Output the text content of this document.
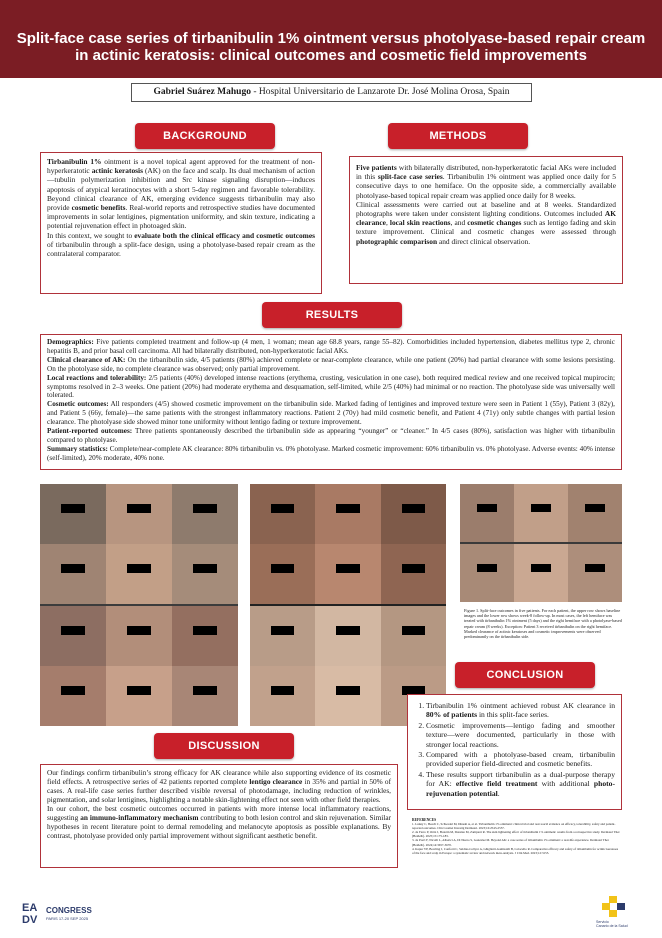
Split-face case series of tirbanibulin 1% ointment versus photolyase-based repair cream in actinic keratosis: clinical outcomes and cosmetic field improvements
Gabriel Suárez Mahugo - Hospital Universitario de Lanzarote Dr. José Molina Orosa, Spain
BACKGROUND

Tirbanibulin 1% ointment is a novel topical agent approved for the treatment of non-hyperkeratotic actinic keratosis (AK) on the face and scalp. Its dual mechanism of action—tubulin polymerization inhibition and Src kinase signaling disruption—induces apoptosis of atypical keratinocytes with a short 5-day regimen and favorable tolerability. Beyond clinical clearance of AK, emerging evidence suggests tirbanibulin may also provide cosmetic benefits. Real-world reports and retrospective studies have documented improvements in solar lentigines, pigmentation uniformity, and skin texture, indicating a potential rejuvenation effect in photoaged skin.

In this context, we sought to evaluate both the clinical efficacy and cosmetic outcomes of tirbanibulin through a split-face design, using a photolyase-based repair cream as the contralateral comparator.

METHODS

Five patients with bilaterally distributed, non-hyperkeratotic facial AKs were included in this split-face case series. Tirbanibulin 1% ointment was applied once daily for 5 consecutive days to one hemiface. On the opposite side, a commercially available photolyase-based topical repair cream was applied once daily for 8 weeks.

Clinical assessments were carried out at baseline and at 8 weeks. Standardized photographs were taken under consistent lighting conditions. Outcomes included AK clearance, local skin reactions, and cosmetic changes such as lentigo fading and skin texture improvement. Clinical and cosmetic changes were assessed through photographic comparison and direct clinical observation.

RESULTS

Demographics: Five patients completed treatment and follow-up (4 men, 1 woman; mean age 68.8 years, range 55–82). Comorbidities included hypertension, diabetes mellitus type 2, chronic hepatitis B, and prior basal cell carcinoma. All had bilaterally distributed, non-hyperkeratotic facial AKs.

Clinical clearance of AK: On the tirbanibulin side, 4/5 patients (80%) achieved complete or near-complete clearance, while one patient (20%) had partial clearance with some lesions persisting. On the photolyase side, no complete clearance was observed; only partial improvement.

Local reactions and tolerability: 2/5 patients (40%) developed intense reactions (erythema, crusting, vesiculation in one case), both required medical review and one received topical mupirocin; symptoms resolved in 2–3 weeks. One patient (20%) had moderate erythema and desquamation, self-limited, while 2/5 (40%) had minimal or no reaction. The photolyase side was universally well tolerated.

Cosmetic outcomes: All responders (4/5) showed cosmetic improvement on the tirbanibulin side. Marked fading of lentigines and improved texture were seen in Patient 1 (55y), Patient 3 (82y), and Patient 5 (66y, female)—the same patients with the strongest inflammatory reactions. Patient 2 (70y) had mild cosmetic benefit, and Patient 4 (71y) only subtle changes with partial lesion clearance. The photolyase side showed minor tone uniformity without lentigo fading or texture improvement.

Patient-reported outcomes: Three patients spontaneously described the tirbanibulin side as appearing “younger” or “cleaner.” In 4/5 cases (80%), satisfaction was higher with tirbanibulin compared to photolyase.

Summary statistics: Complete/near-complete AK clearance: 80% tirbanibulin vs. 0% photolyase. Marked cosmetic improvement: 60% tirbanibulin vs. 0% photolyase. Adverse events: 40% intense (self-limited), 20% moderate, 40% none.

Figure 1. Split-face outcomes in five patients. For each patient, the upper row shows baseline images and the lower row shows week-8 follow-up. In most cases, the left hemiface was treated with tirbanibulin 1% ointment (5 days) and the right hemiface with a photolyase-based repair cream (8 weeks). Exception: Patient 3 received tirbanibulin on the right hemiface. Marked clearance of actinic keratoses and cosmetic improvements were observed predominantly on the tirbanibulin side.
CONCLUSION
1. Tirbanibulin 1% ointment achieved robust AK clearance in 80% of patients in this split-face series.
2. Cosmetic improvements—lentigo fading and smoother texture—were documented, particularly in those with stronger local reactions.
3. Compared with a photolyase-based cream, tirbanibulin provided superior field-directed and cosmetic benefits.
4. These results support tirbanibulin as a dual-purpose therapy for AK: effective field treatment with additional photo-rejuvenation potential.
REFERENCES
1. Lunny C, Beech C, Schwedel M, Dinesh A, et al. Tirbanibulin 1% ointment: clinical trial and real-world evidence on efficacy, tolerability, safety and patient-reported outcomes. Clin Cosmet Investig Dermatol. 2023;16:2543-2557.
2. de Farro P, Ortiz J, Bolotin M, Durante M, Zampieri R. The skin lightening effect of tirbanibulin 1% ointment: results from a retrospective study. Dermatol Ther (Heidelb). 2025;15:175-183.
3. de Porri F, Nicolli L, Alberici A, Di Nuzzo S, Gonzalez M. Beyond AK: a case series of tirbanibulin 1% ointment: a real-life experience. Dermatol Ther (Heidelb). 2024;14:3657-3670.
4. Kapur VP, Bowling J, Conforti C, Saldías-Collyer A, Ghigliotti-Gamisaldi B, Colacello R. Comparative efficacy and safety of tirbanibulin for actinic keratoses of the face and scalp in Europe: a systematic review and network meta-analysis. J Clin Med. 2023;12:3155.
DISCUSSION

Our findings confirm tirbanibulin’s strong efficacy for AK clearance while also supporting evidence of its cosmetic field effects. A retrospective series of 42 patients reported complete lentigo clearance in 35% and partial in 50% of cases. A real-life case series further described visible reversal of photodamage, including reduction of wrinkles, pigmentation, and solar lentigines, highlighting a notable skin-lightening effect not seen with other field therapies.

In our cohort, the best cosmetic outcomes occurred in patients with more intense local inflammatory reactions, suggesting an immuno-inflammatory mechanism contributing to both lesion control and skin rejuvenation. Similar hypotheses in recent literature point to dermal remodeling and melanocyte apoptosis as possible explanations. By contrast, photolyase provided only partial improvement without significant aesthetic benefit.

EA
DV
CONGRESS
PARIS 17-20 SEP 2025
Servicio
Canario de la Salud
